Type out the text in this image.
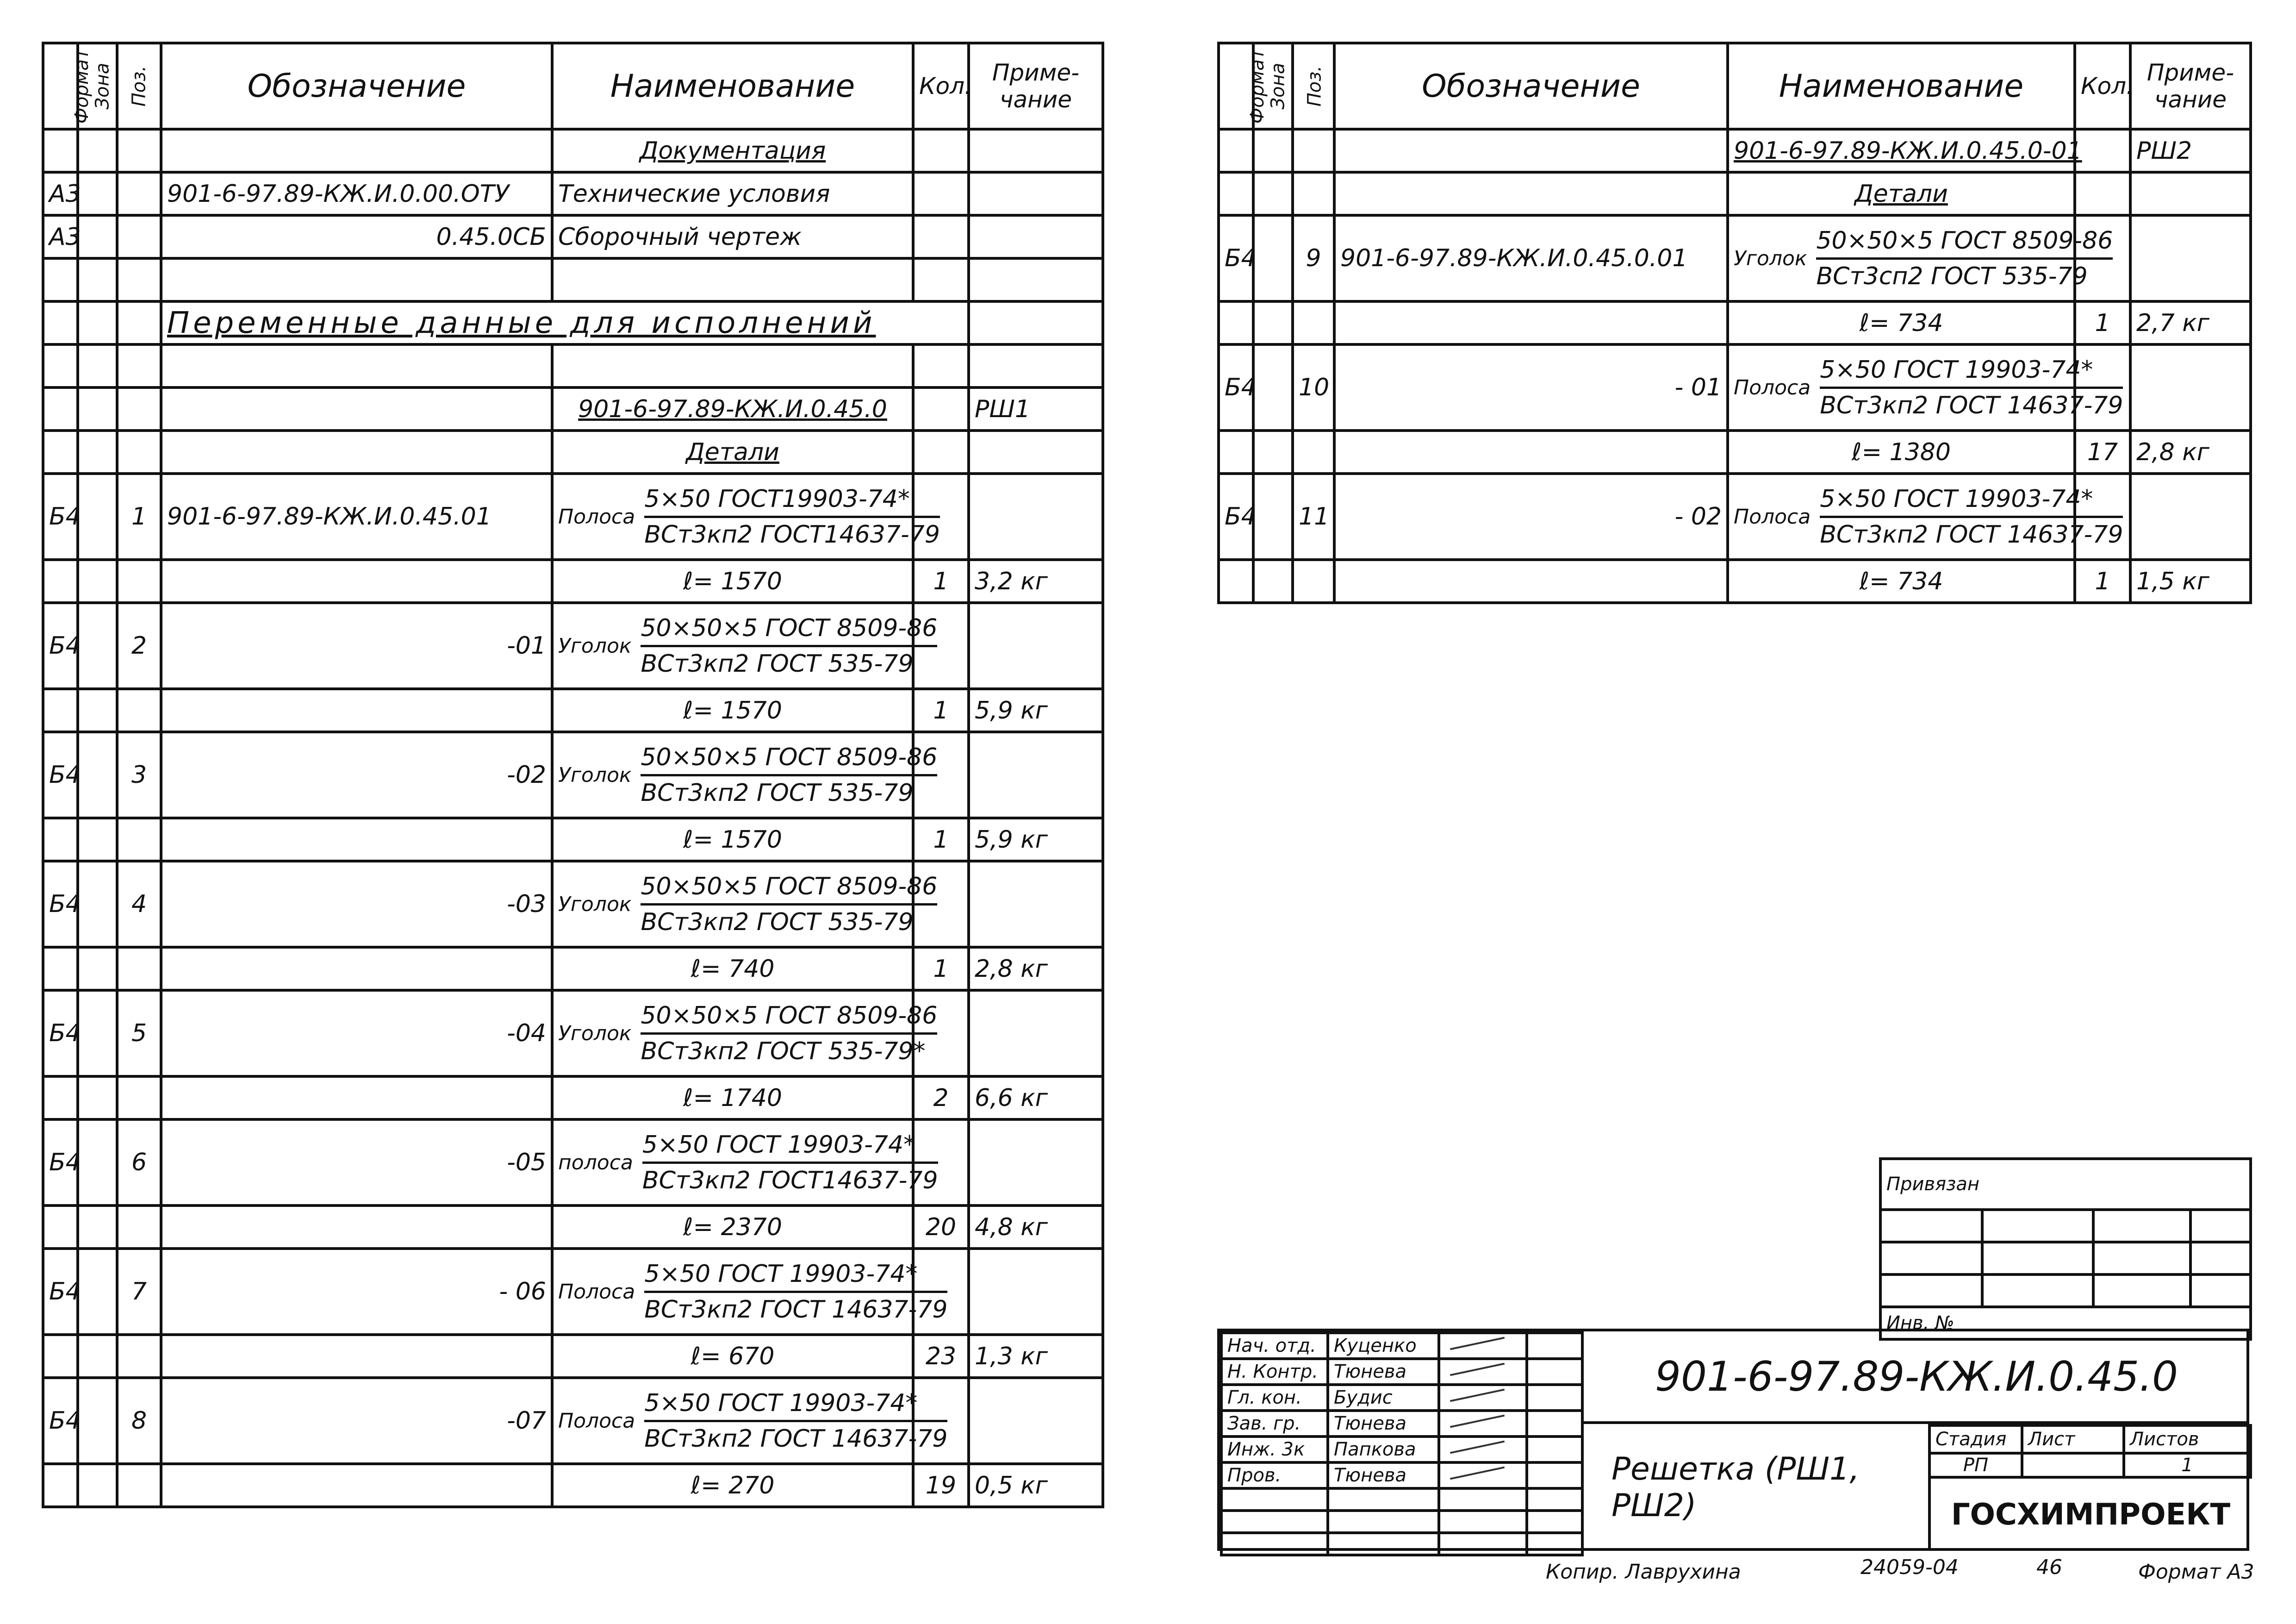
Формат	Зона	Поз.	Обозначение	Наименование	Кол.	Приме- чание
				Документация		
А3			901-6-97.89-КЖ.И.0.00.ОТУ	Технические условия		
А3			0.45.0СБ	Сборочный чертеж		

			Переменные данные для исполнений			

				901-6-97.89-КЖ.И.0.45.0		РШ1
				Детали		
Б4		1	901-6-97.89-КЖ.И.0.45.01	Полоса $\frac{\text{5×50 ГОСТ19903-74*}}{\text{ВСт3кп2 ГОСТ14637-79}}$

				ℓ= 1570	1	3,2 кг
Б4		2	-01	Уголок $\frac{\text{50×50×5 ГОСТ 8509-86}}{\text{ВСт3кп2 ГОСТ 535-79}}$

				ℓ= 1570	1	5,9 кг
Б4		3	-02	Уголок $\frac{\text{50×50×5 ГОСТ 8509-86}}{\text{ВСт3кп2 ГОСТ 535-79}}$

				ℓ= 1570	1	5,9 кг
Б4		4	-03	Уголок $\frac{\text{50×50×5 ГОСТ 8509-86}}{\text{ВСт3кп2 ГОСТ 535-79}}$

				ℓ= 740	1	2,8 кг
Б4		5	-04	Уголок $\frac{\text{50×50×5 ГОСТ 8509-86}}{\text{ВСт3кп2 ГОСТ 535-79*}}$

				ℓ= 1740	2	6,6 кг
Б4		6	-05	полоса $\frac{\text{5×50 ГОСТ 19903-74*}}{\text{ВСт3кп2 ГОСТ14637-79}}$

				ℓ= 2370	20	4,8 кг
Б4		7	- 06	Полоса $\frac{\text{5×50 ГОСТ 19903-74*}}{\text{ВСт3кп2 ГОСТ 14637-79}}$

				ℓ= 670	23	1,3 кг
Б4		8	-07	Полоса $\frac{\text{5×50 ГОСТ 19903-74*}}{\text{ВСт3кп2 ГОСТ 14637-79}}$

				ℓ= 270	19	0,5 кг
Формат	Зона	Поз.	Обозначение	Наименование	Кол.	Приме- чание
				901-6-97.89-КЖ.И.0.45.0-01		РШ2
				Детали		
Б4		9	901-6-97.89-КЖ.И.0.45.0.01	Уголок $\frac{\text{50×50×5 ГОСТ 8509-86}}{\text{ВСт3сп2 ГОСТ 535-79}}$

				ℓ= 734	1	2,7 кг
Б4		10	- 01	Полоса $\frac{\text{5×50 ГОСТ 19903-74*}}{\text{ВСт3кп2 ГОСТ 14637-79}}$

				ℓ= 1380	17	2,8 кг
Б4		11	- 02	Полоса $\frac{\text{5×50 ГОСТ 19903-74*}}{\text{ВСт3кп2 ГОСТ 14637-79}}$

				ℓ= 734	1	1,5 кг
Привязан			

Инв. №			
Нач. отд.	Куценко		
Н. Контр.	Тюнева		
Гл. кон.	Будис		
Зав. гр.	Тюнева		
Инж. 3к	Папкова		
Пров.	Тюнева		

901-6-97.89-КЖ.И.0.45.0
Решетка (РШ1, РШ2)
Стадия	Лист	Листов
РП		1
ГОСХИМПРОЕКТ		
Копир. Лаврухина	24059-04	46	Формат А3
